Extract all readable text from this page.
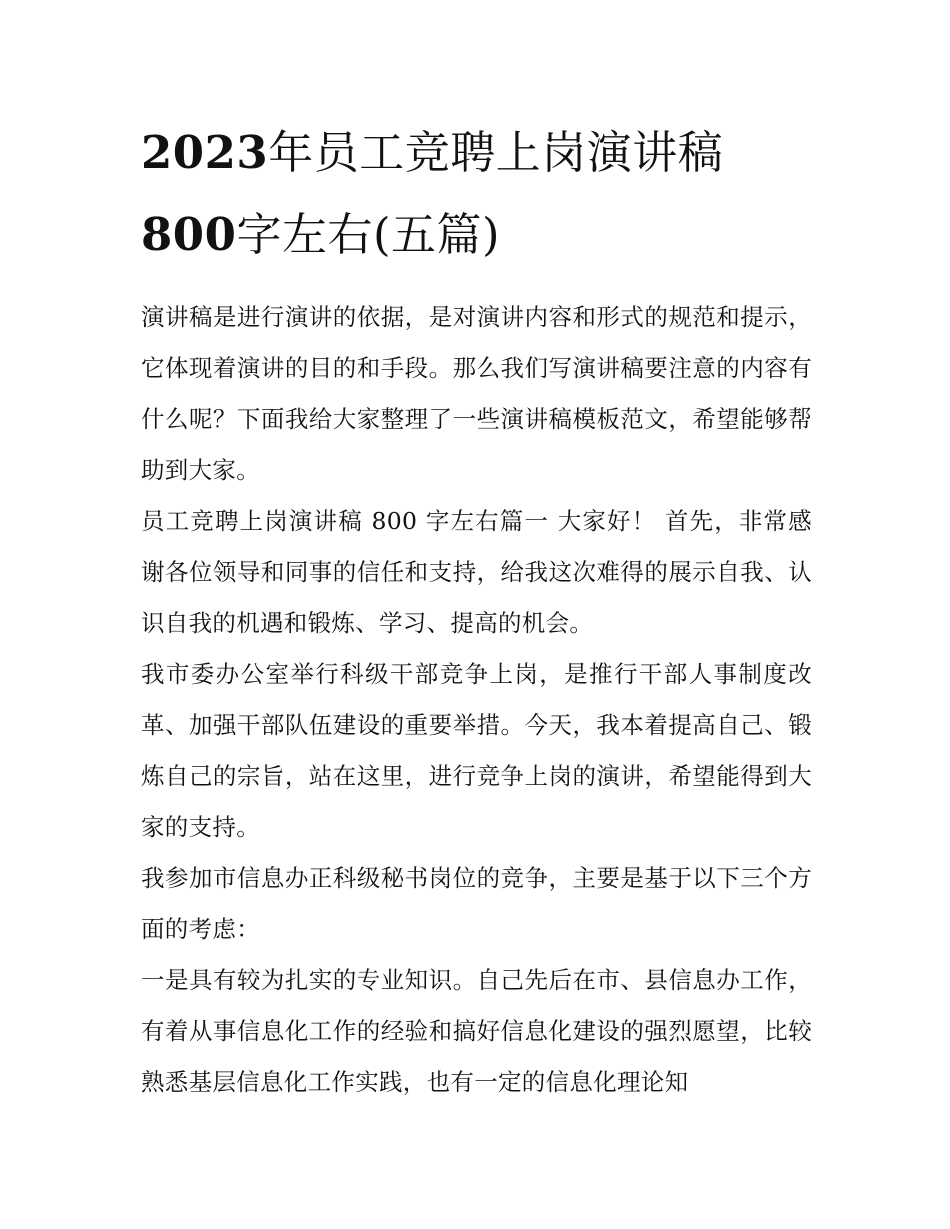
2023年员工竞聘上岗演讲稿
800字左右(五篇)

演讲稿是进行演讲的依据，是对演讲内容和形式的规范和提示，它体现着演讲的目的和手段。那么我们写演讲稿要注意的内容有什么呢？下面我给大家整理了一些演讲稿模板范文，希望能够帮助到大家。

员工竞聘上岗演讲稿 800 字左右篇一 大家好！ 首先，非常感谢各位领导和同事的信任和支持，给我这次难得的展示自我、认识自我的机遇和锻炼、学习、提高的机会。

我市委办公室举行科级干部竞争上岗，是推行干部人事制度改革、加强干部队伍建设的重要举措。今天，我本着提高自己、锻炼自己的宗旨，站在这里，进行竞争上岗的演讲，希望能得到大家的支持。

我参加市信息办正科级秘书岗位的竞争，主要是基于以下三个方面的考虑：

一是具有较为扎实的专业知识。自己先后在市、县信息办工作，有着从事信息化工作的经验和搞好信息化建设的强烈愿望，比较熟悉基层信息化工作实践，也有一定的信息化理论知
